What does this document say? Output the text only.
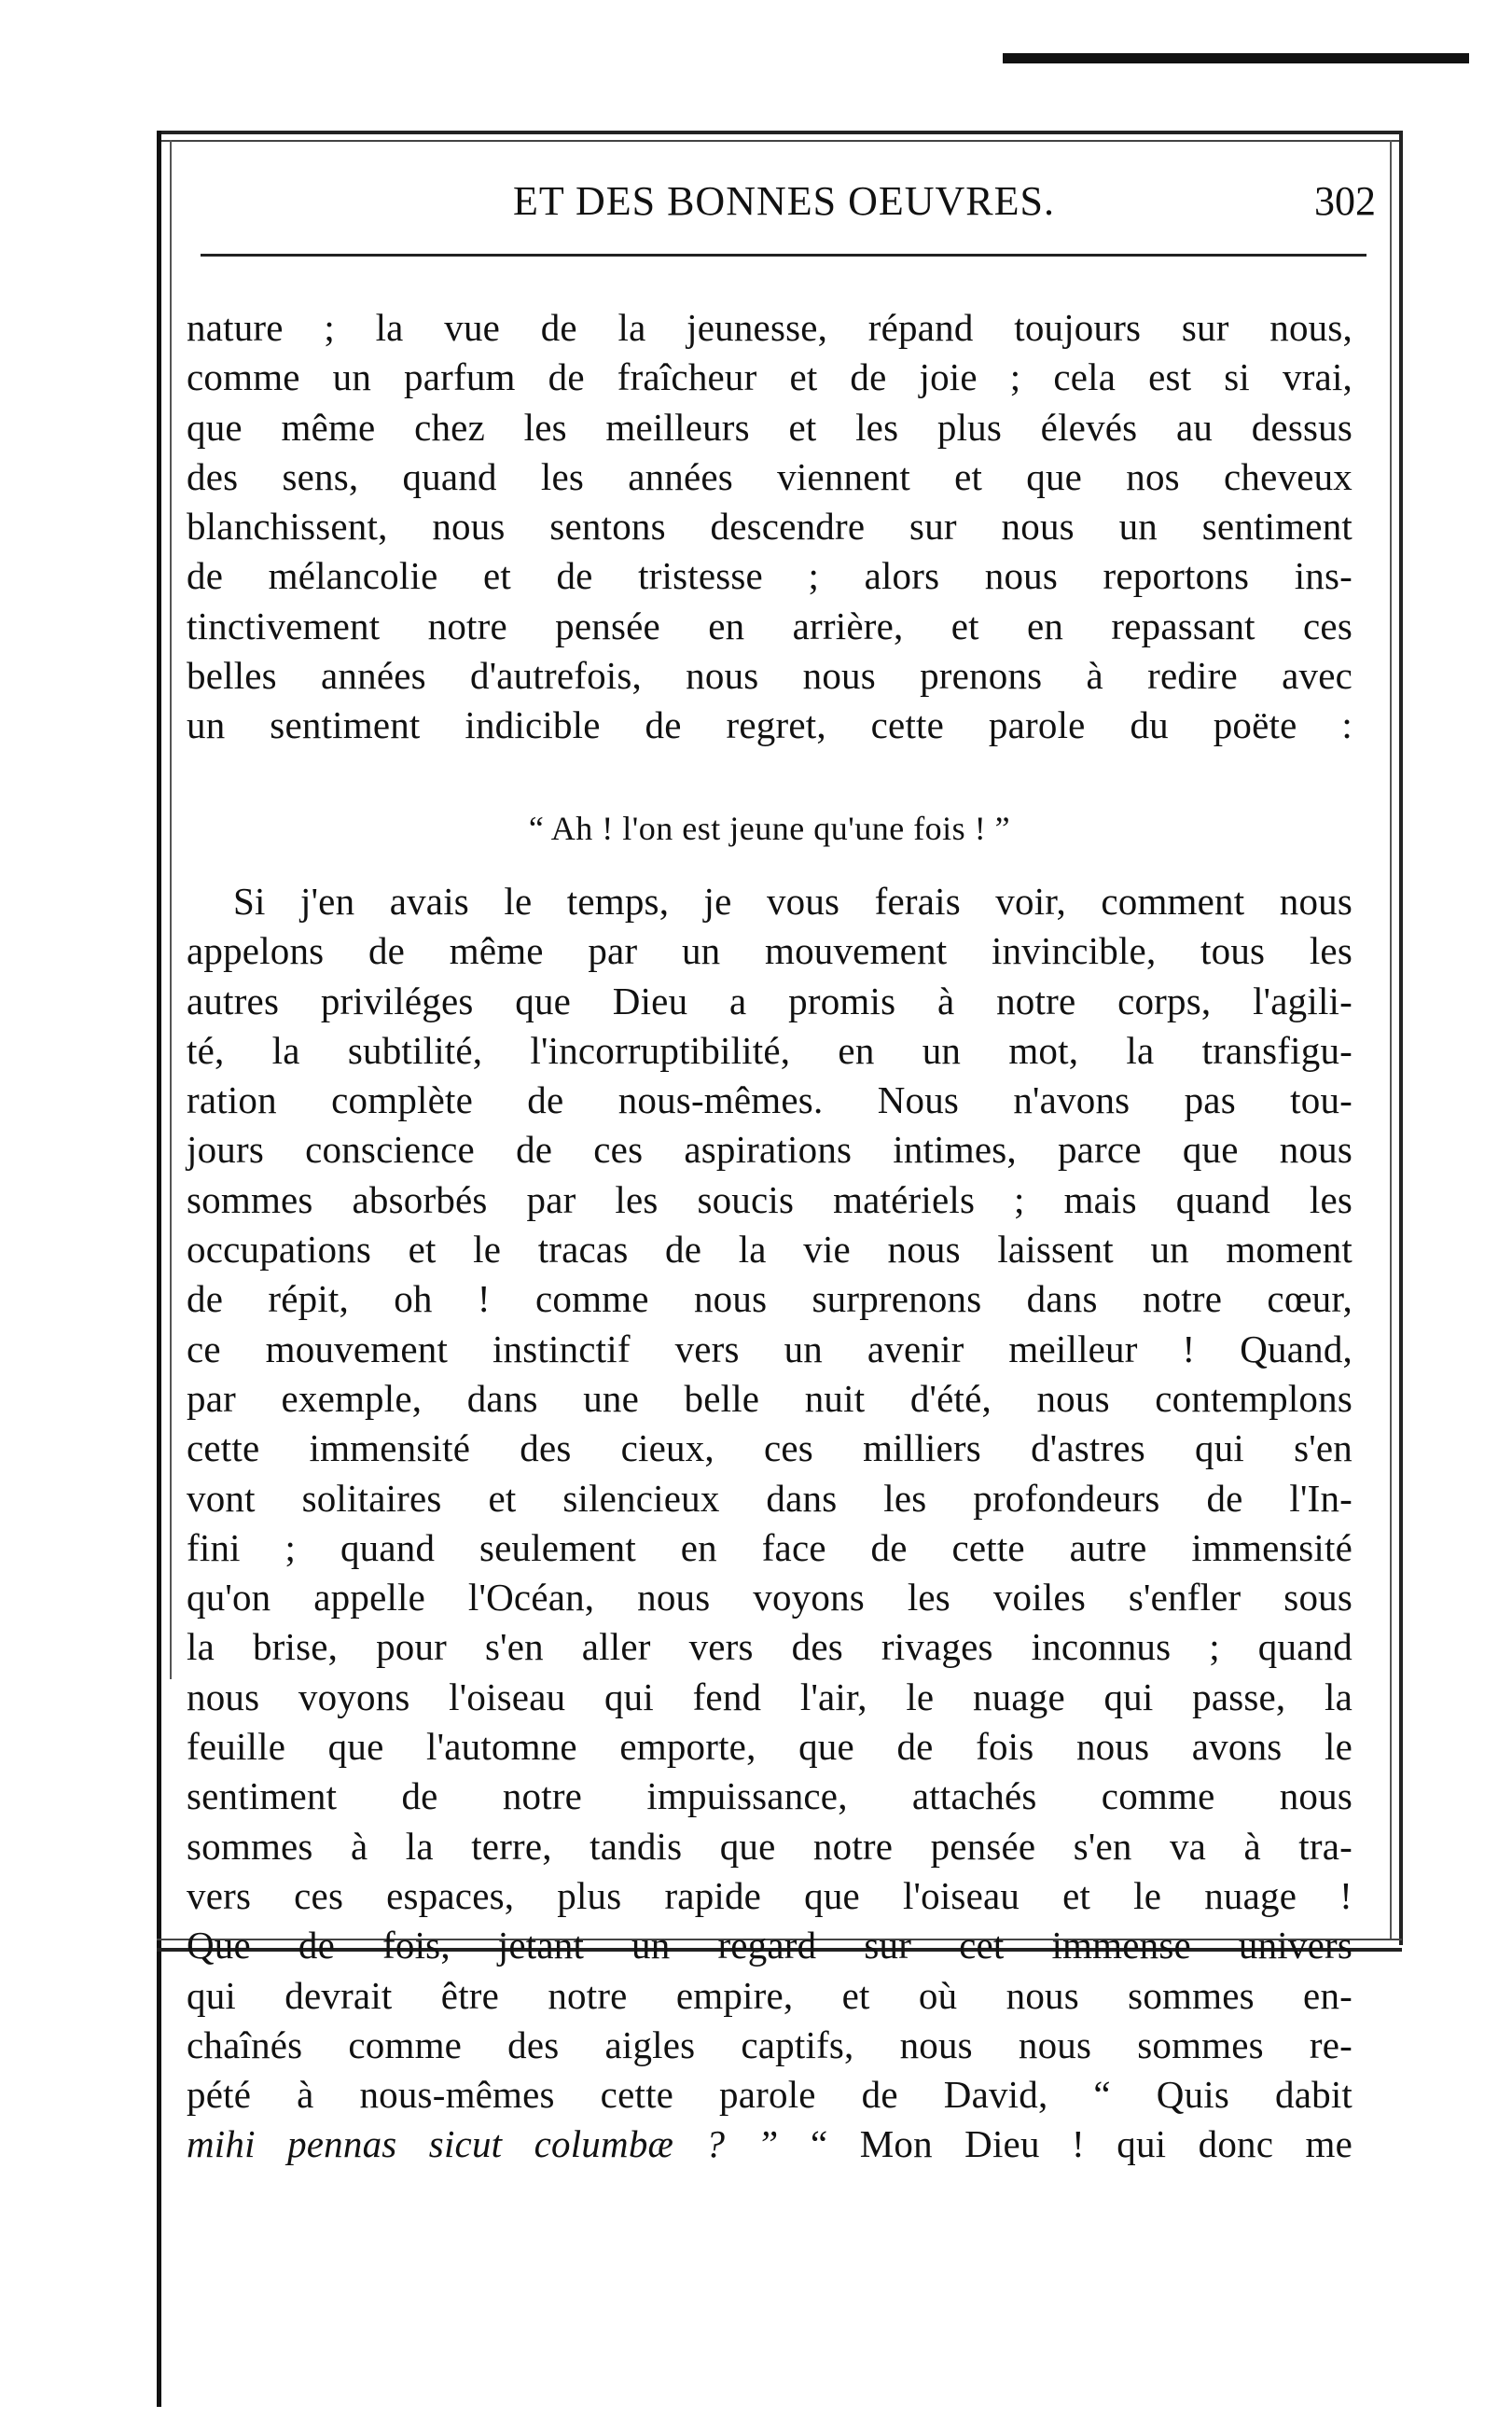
ET DES BONNES OEUVRES.	302
nature ; la vue de la jeunesse, répand toujours sur nous,
comme un parfum de fraîcheur et de joie ; cela est si vrai,
que même chez les meilleurs et les plus élevés au dessus
des sens, quand les années viennent et que nos cheveux
blanchissent, nous sentons descendre sur nous un sentiment
de mélancolie et de tristesse ; alors nous reportons ins-
tinctivement notre pensée en arrière, et en repassant ces
belles années d'autrefois, nous nous prenons à redire avec
un sentiment indicible de regret, cette parole du poëte :
“ Ah ! l'on est jeune qu'une fois ! ”
Si j'en avais le temps, je vous ferais voir, comment nous
appelons de même par un mouvement invincible, tous les
autres priviléges que Dieu a promis à notre corps, l'agili-
té, la subtilité, l'incorruptibilité, en un mot, la transfigu-
ration complète de nous-mêmes. Nous n'avons pas tou-
jours conscience de ces aspirations intimes, parce que nous
sommes absorbés par les soucis matériels ; mais quand les
occupations et le tracas de la vie nous laissent un moment
de répit, oh ! comme nous surprenons dans notre cœur,
ce mouvement instinctif vers un avenir meilleur ! Quand,
par exemple, dans une belle nuit d'été, nous contemplons
cette immensité des cieux, ces milliers d'astres qui s'en
vont solitaires et silencieux dans les profondeurs de l'In-
fini ; quand seulement en face de cette autre immensité
qu'on appelle l'Océan, nous voyons les voiles s'enfler sous
la brise, pour s'en aller vers des rivages inconnus ; quand
nous voyons l'oiseau qui fend l'air, le nuage qui passe, la
feuille que l'automne emporte, que de fois nous avons le
sentiment de notre impuissance, attachés comme nous
sommes à la terre, tandis que notre pensée s'en va à tra-
vers ces espaces, plus rapide que l'oiseau et le nuage !
Que de fois, jetant un regard sur cet immense univers
qui devrait être notre empire, et où nous sommes en-
chaînés comme des aigles captifs, nous nous sommes re-
pété à nous-mêmes cette parole de David, “ Quis dabit
mihi pennas sicut columbæ ? ” “ Mon Dieu ! qui donc me
